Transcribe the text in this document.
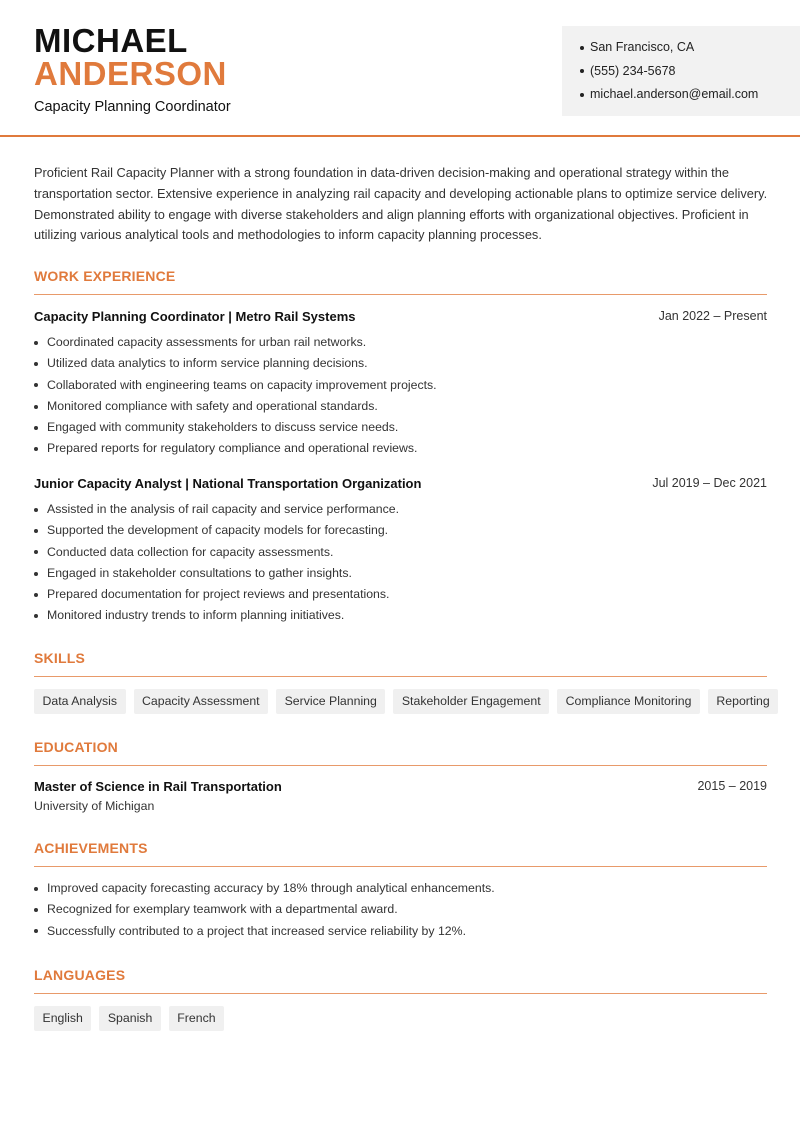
MICHAEL
ANDERSON
Capacity Planning Coordinator
San Francisco, CA
(555) 234-5678
michael.anderson@email.com

Proficient Rail Capacity Planner with a strong foundation in data-driven decision-making and operational strategy within the transportation sector. Extensive experience in analyzing rail capacity and developing actionable plans to optimize service delivery. Demonstrated ability to engage with diverse stakeholders and align planning efforts with organizational objectives. Proficient in utilizing various analytical tools and methodologies to inform capacity planning processes.

WORK EXPERIENCE
Capacity Planning Coordinator | Metro Rail Systems	Jan 2022 – Present
Coordinated capacity assessments for urban rail networks.
Utilized data analytics to inform service planning decisions.
Collaborated with engineering teams on capacity improvement projects.
Monitored compliance with safety and operational standards.
Engaged with community stakeholders to discuss service needs.
Prepared reports for regulatory compliance and operational reviews.
Junior Capacity Analyst | National Transportation Organization	Jul 2019 – Dec 2021
Assisted in the analysis of rail capacity and service performance.
Supported the development of capacity models for forecasting.
Conducted data collection for capacity assessments.
Engaged in stakeholder consultations to gather insights.
Prepared documentation for project reviews and presentations.
Monitored industry trends to inform planning initiatives.
SKILLS
Data Analysis	Capacity Assessment	Service Planning	Stakeholder Engagement	Compliance Monitoring	Reporting
EDUCATION
Master of Science in Rail Transportation	2015 – 2019
University of Michigan
ACHIEVEMENTS
Improved capacity forecasting accuracy by 18% through analytical enhancements.
Recognized for exemplary teamwork with a departmental award.
Successfully contributed to a project that increased service reliability by 12%.
LANGUAGES
English	Spanish	French
